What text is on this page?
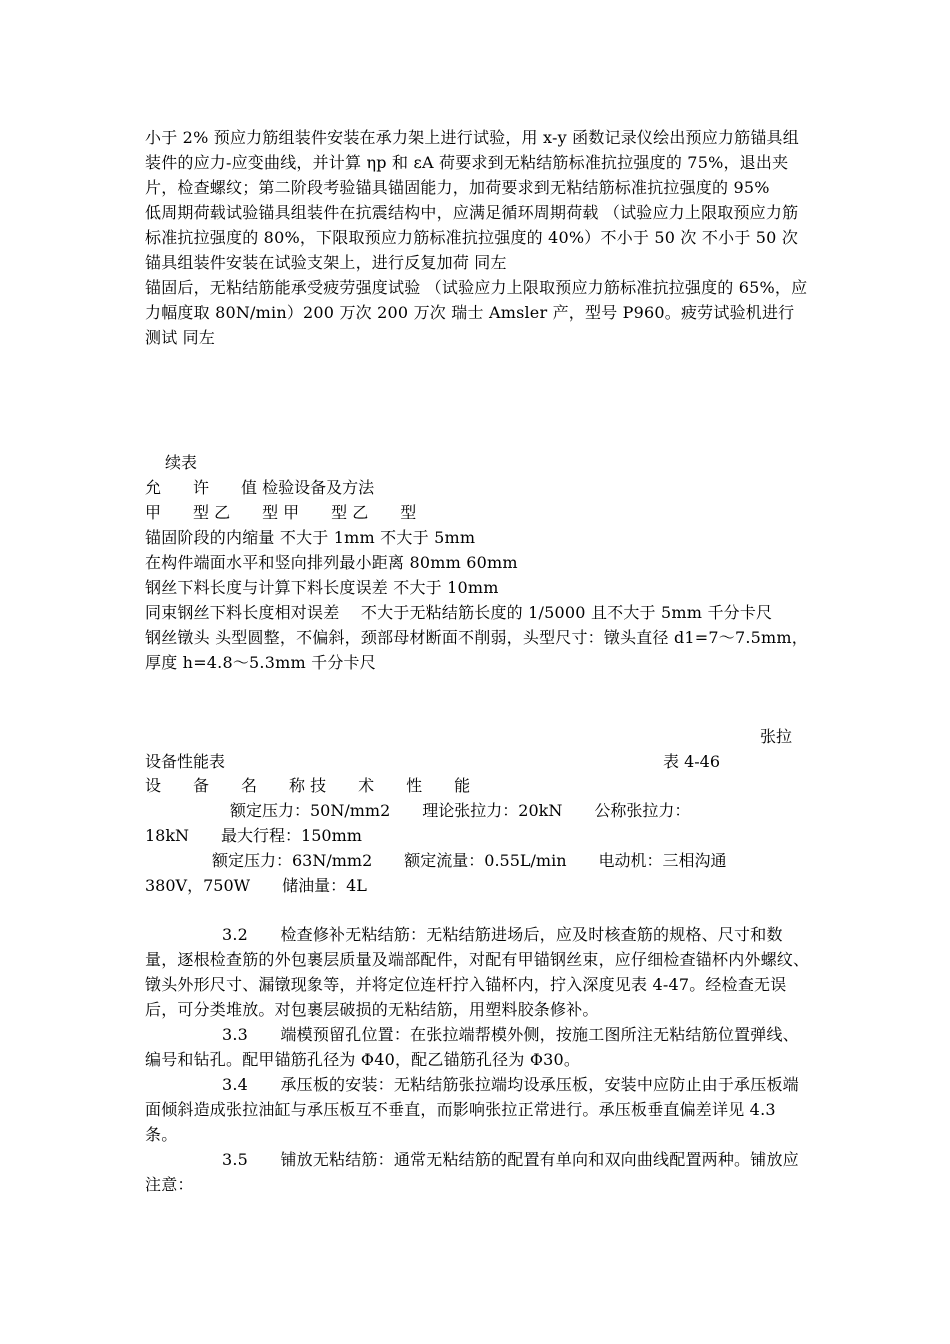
小于 2% 预应力筋组装件安装在承力架上进行试验，用 x-y 函数记录仪绘出预应力筋锚具组装件的应力-应变曲线，并计算 ηp 和 εA 荷要求到无粘结筋标准抗拉强度的 75%，退出夹片，检查螺纹；第二阶段考验锚具锚固能力，加荷要求到无粘结筋标准抗拉强度的 95%

低周期荷载试验锚具组装件在抗震结构中，应满足循环周期荷载 （试验应力上限取预应力筋标准抗拉强度的 80%，下限取预应力筋标准抗拉强度的 40%）不小于 50 次 不小于 50 次 锚具组装件安装在试验支架上，进行反复加荷 同左

锚固后，无粘结筋能承受疲劳强度试验 （试验应力上限取预应力筋标准抗拉强度的 65%，应力幅度取 80N/min）200 万次 200 万次 瑞士 Amsler 产，型号 P960。疲劳试验机进行测试 同左

续表
允　　许　　值 检验设备及方法
甲　　型 乙　　型 甲　　型 乙　　型

锚固阶段的内缩量 不大于 1mm 不大于 5mm

在构件端面水平和竖向排列最小距离 80mm 60mm

钢丝下料长度与计算下料长度误差 不大于 10mm

同束钢丝下料长度相对误差　 不大于无粘结筋长度的 1/5000 且不大于 5mm 千分卡尺

钢丝镦头 头型圆整，不偏斜，颈部母材断面不削弱，头型尺寸：镦头直径 d1=7～7.5mm，厚度 h=4.8～5.3mm 千分卡尺

张拉
设备性能表	表 4-46
设　　备　　名　　称 技　　术　　性　　能
额定压力：50N/mm2　　理论张拉力：20kN　　公称张拉力：
18kN　　最大行程：150mm
额定压力：63N/mm2　　额定流量：0.55L/min　　电动机：三相沟通
380V，750W　　储油量：4L

3.2　　 检查修补无粘结筋：无粘结筋进场后，应及时核查筋的规格、尺寸和数量，逐根检查筋的外包裹层质量及端部配件，对配有甲锚钢丝束，应仔细检查锚杯内外螺纹、镦头外形尺寸、漏镦现象等，并将定位连杆拧入锚杯内，拧入深度见表 4-47。经检查无误后，可分类堆放。对包裹层破损的无粘结筋，用塑料胶条修补。

3.3　　 端模预留孔位置：在张拉端帮模外侧，按施工图所注无粘结筋位置弹线、编号和钻孔。配甲锚筋孔径为 Φ40，配乙锚筋孔径为 Φ30。

3.4　　 承压板的安装：无粘结筋张拉端均设承压板，安装中应防止由于承压板端面倾斜造成张拉油缸与承压板互不垂直，而影响张拉正常进行。承压板垂直偏差详见 4.3 条。

3.5　　 铺放无粘结筋：通常无粘结筋的配置有单向和双向曲线配置两种。铺放应注意：
